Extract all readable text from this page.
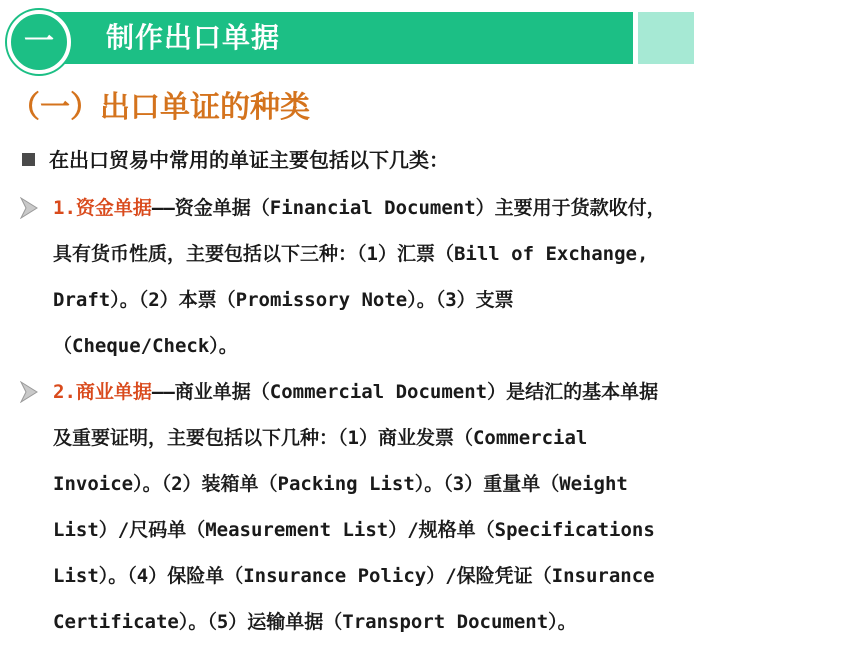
一 制作出口单据
（一）出口单证的种类
在出口贸易中常用的单证主要包括以下几类：
1.资金单据——资金单据（Financial Document）主要用于货款收付，
具有货币性质，主要包括以下三种：（1）汇票（Bill of Exchange,
Draft）。（2）本票（Promissory Note）。（3）支票
（Cheque/Check）。
2.商业单据——商业单据（Commercial Document）是结汇的基本单据
及重要证明，主要包括以下几种：（1）商业发票（Commercial
Invoice）。（2）装箱单（Packing List）。（3）重量单（Weight
List）/尺码单（Measurement List）/规格单（Specifications
List）。（4）保险单（Insurance Policy）/保险凭证（Insurance
Certificate）。（5）运输单据（Transport Document）。
